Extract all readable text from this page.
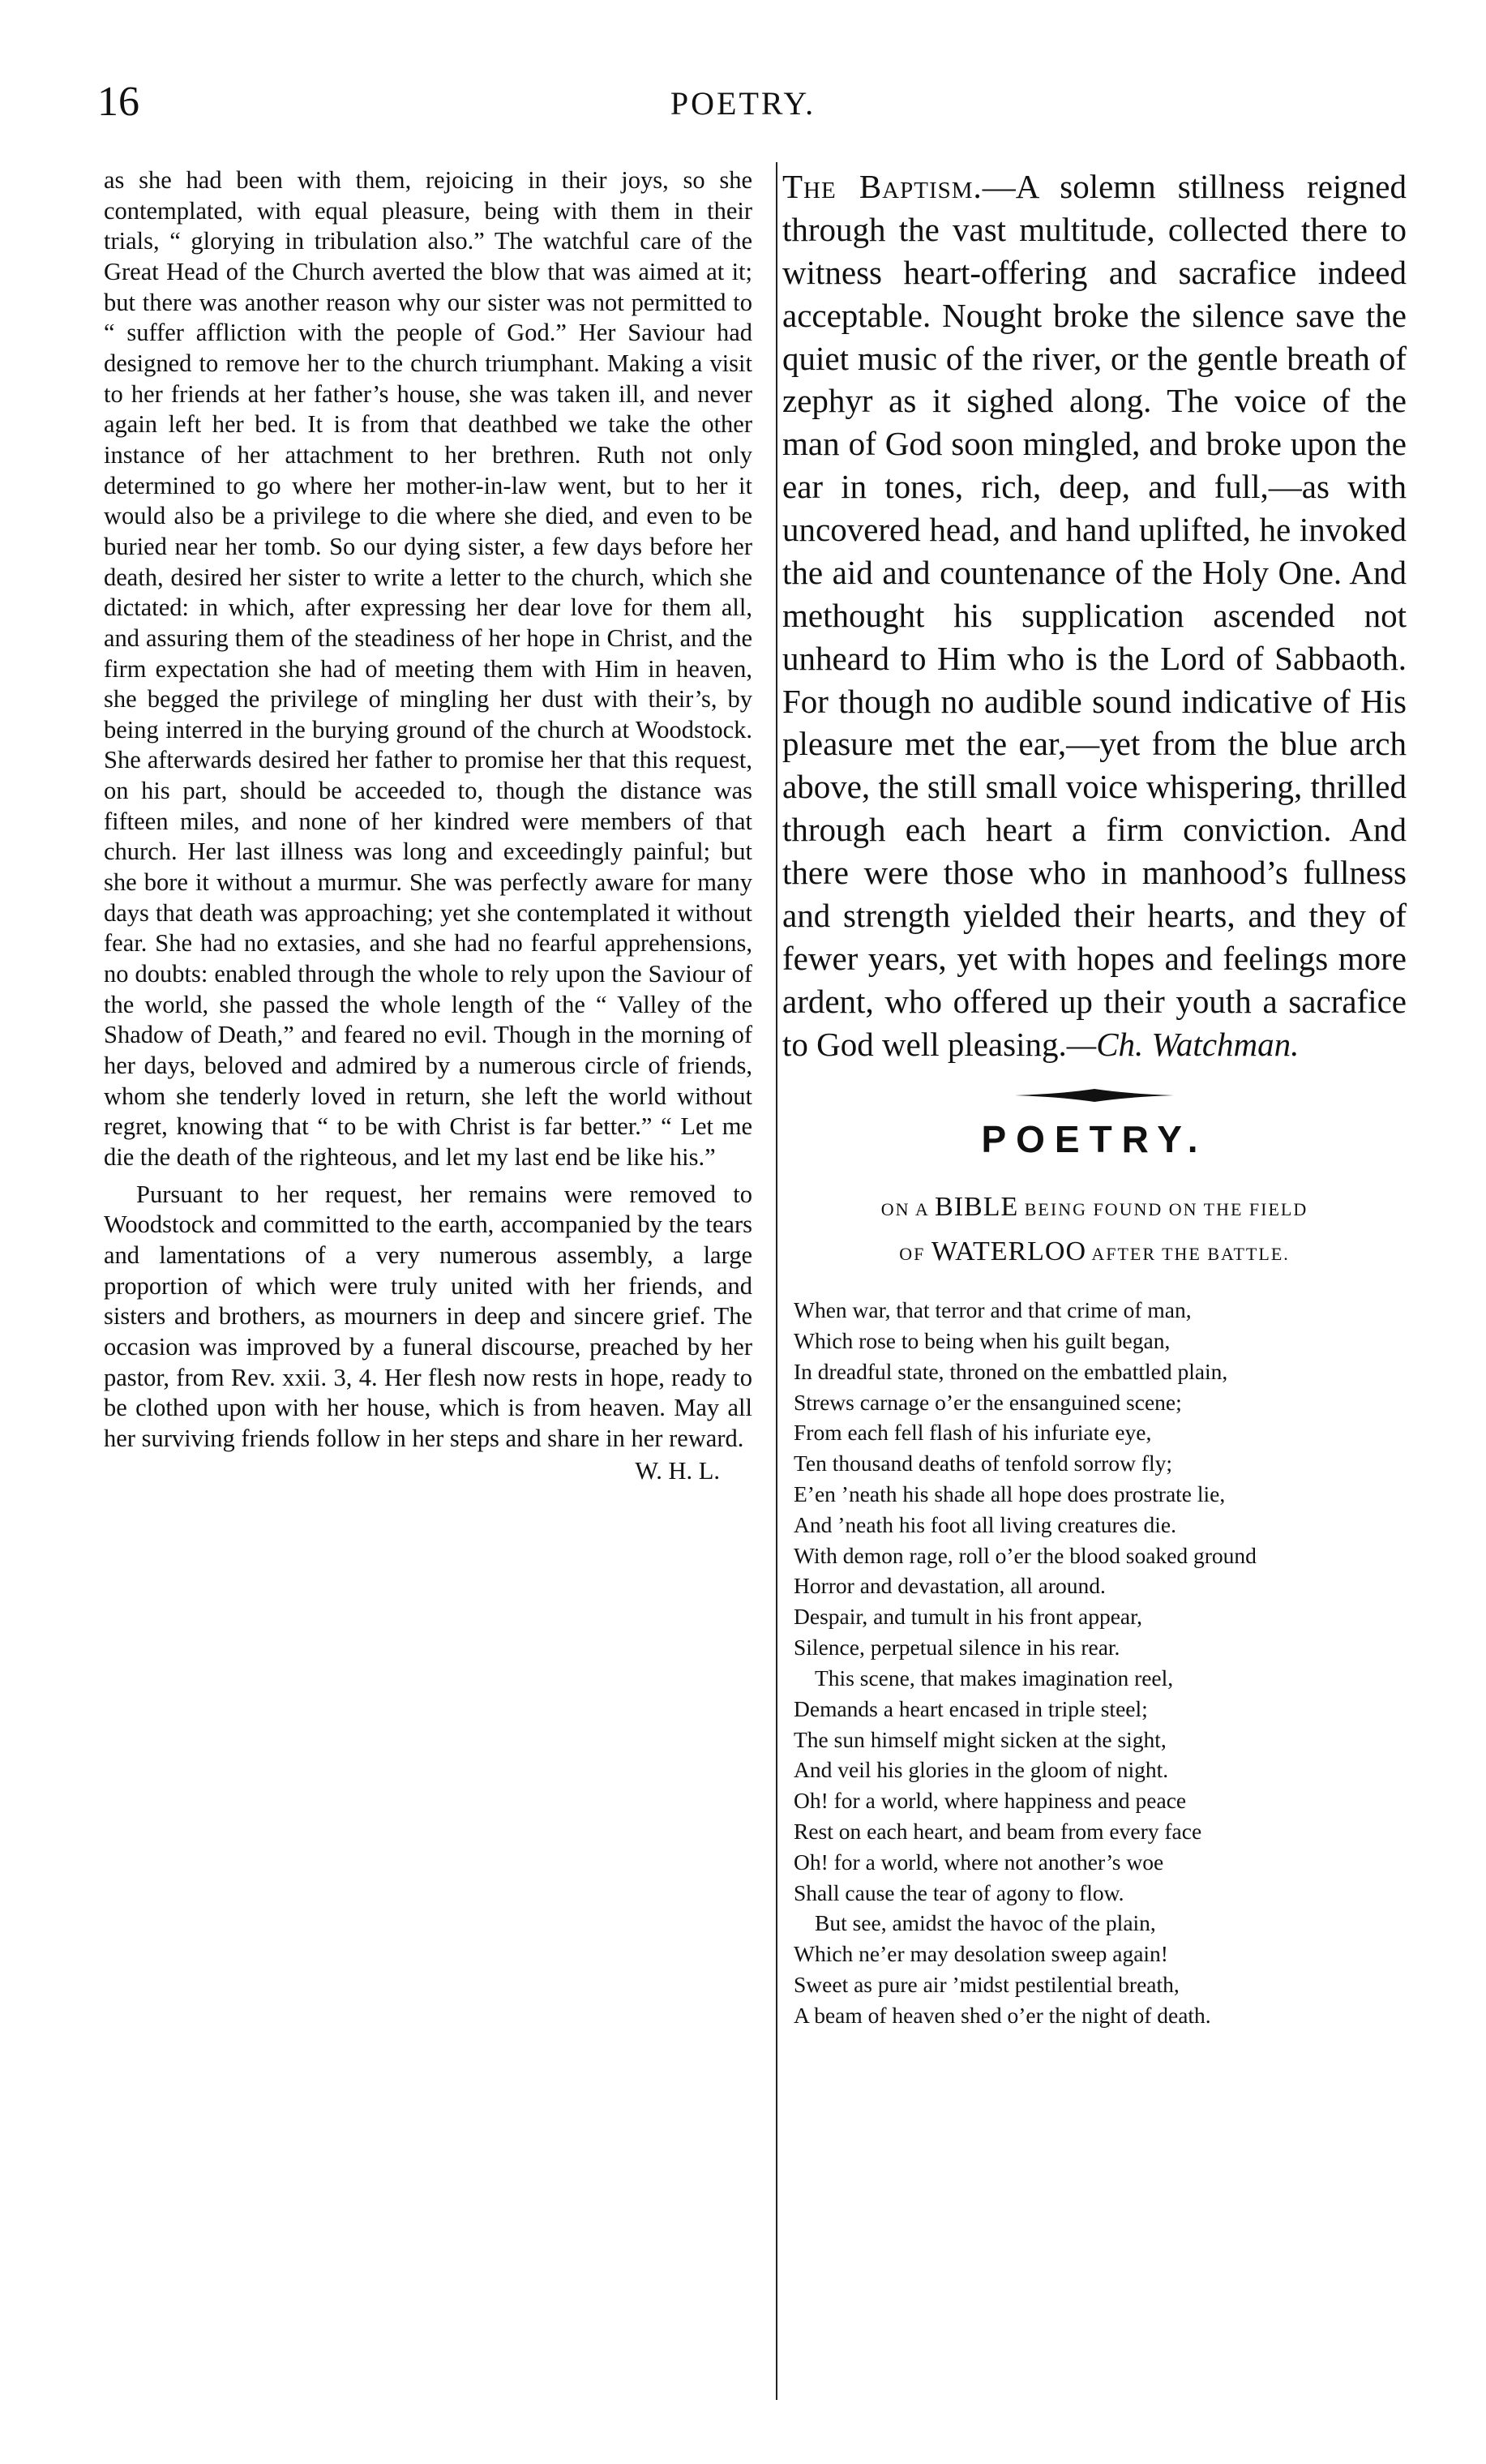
16	POETRY.

as she had been with them, rejoicing in their joys, so she contemplated, with equal pleasure, being with them in their trials, “ glorying in tribulation also.” The watchful care of the Great Head of the Church averted the blow that was aimed at it; but there was another reason why our sister was not permitted to “ suffer affliction with the people of God.” Her Saviour had designed to remove her to the church triumphant. Making a visit to her friends at her father’s house, she was taken ill, and never again left her bed. It is from that deathbed we take the other instance of her attachment to her brethren. Ruth not only determined to go where her mother-in-law went, but to her it would also be a privilege to die where she died, and even to be buried near her tomb. So our dying sister, a few days before her death, desired her sister to write a letter to the church, which she dictated: in which, after expressing her dear love for them all, and assuring them of the steadiness of her hope in Christ, and the firm expectation she had of meeting them with Him in heaven, she begged the privilege of mingling her dust with their’s, by being interred in the burying ground of the church at Woodstock. She afterwards desired her father to promise her that this request, on his part, should be acceeded to, though the distance was fifteen miles, and none of her kindred were members of that church. Her last illness was long and exceedingly painful; but she bore it without a murmur. She was perfectly aware for many days that death was approaching; yet she contemplated it without fear. She had no extasies, and she had no fearful apprehensions, no doubts: enabled through the whole to rely upon the Saviour of the world, she passed the whole length of the “ Valley of the Shadow of Death,” and feared no evil. Though in the morning of her days, beloved and admired by a numerous circle of friends, whom she tenderly loved in return, she left the world without regret, knowing that “ to be with Christ is far better.” “ Let me die the death of the righteous, and let my last end be like his.”

Pursuant to her request, her remains were removed to Woodstock and committed to the earth, accompanied by the tears and lamentations of a very numerous assembly, a large proportion of which were truly united with her friends, and sisters and brothers, as mourners in deep and sincere grief. The occasion was improved by a funeral discourse, preached by her pastor, from Rev. xxii. 3, 4. Her flesh now rests in hope, ready to be clothed upon with her house, which is from heaven. May all her surviving friends follow in her steps and share in her reward.

W. H. L.
The Baptism.—A solemn stillness reigned through the vast multitude, collected there to witness heart-offering and sacrafice indeed acceptable. Nought broke the silence save the quiet music of the river, or the gentle breath of zephyr as it sighed along. The voice of the man of God soon mingled, and broke upon the ear in tones, rich, deep, and full,—as with uncovered head, and hand uplifted, he invoked the aid and countenance of the Holy One. And methought his supplication ascended not unheard to Him who is the Lord of Sabbaoth. For though no audible sound indicative of His pleasure met the ear,—yet from the blue arch above, the still small voice whispering, thrilled through each heart a firm conviction. And there were those who in manhood’s fullness and strength yielded their hearts, and they of fewer years, yet with hopes and feelings more ardent, who offered up their youth a sacrafice to God well pleasing.—Ch. Watchman.
POETRY.
ON A BIBLE BEING FOUND ON THE FIELD
OF WATERLOO AFTER THE BATTLE.
When war, that terror and that crime of man,
Which rose to being when his guilt began,
In dreadful state, throned on the embattled plain,
Strews carnage o’er the ensanguined scene;
From each fell flash of his infuriate eye,
Ten thousand deaths of tenfold sorrow fly;
E’en ’neath his shade all hope does prostrate lie,
And ’neath his foot all living creatures die.
With demon rage, roll o’er the blood soaked ground
Horror and devastation, all around.
Despair, and tumult in his front appear,
Silence, perpetual silence in his rear.
This scene, that makes imagination reel,
Demands a heart encased in triple steel;
The sun himself might sicken at the sight,
And veil his glories in the gloom of night.
Oh! for a world, where happiness and peace
Rest on each heart, and beam from every face
Oh! for a world, where not another’s woe
Shall cause the tear of agony to flow.
But see, amidst the havoc of the plain,
Which ne’er may desolation sweep again!
Sweet as pure air ’midst pestilential breath,
A beam of heaven shed o’er the night of death.
